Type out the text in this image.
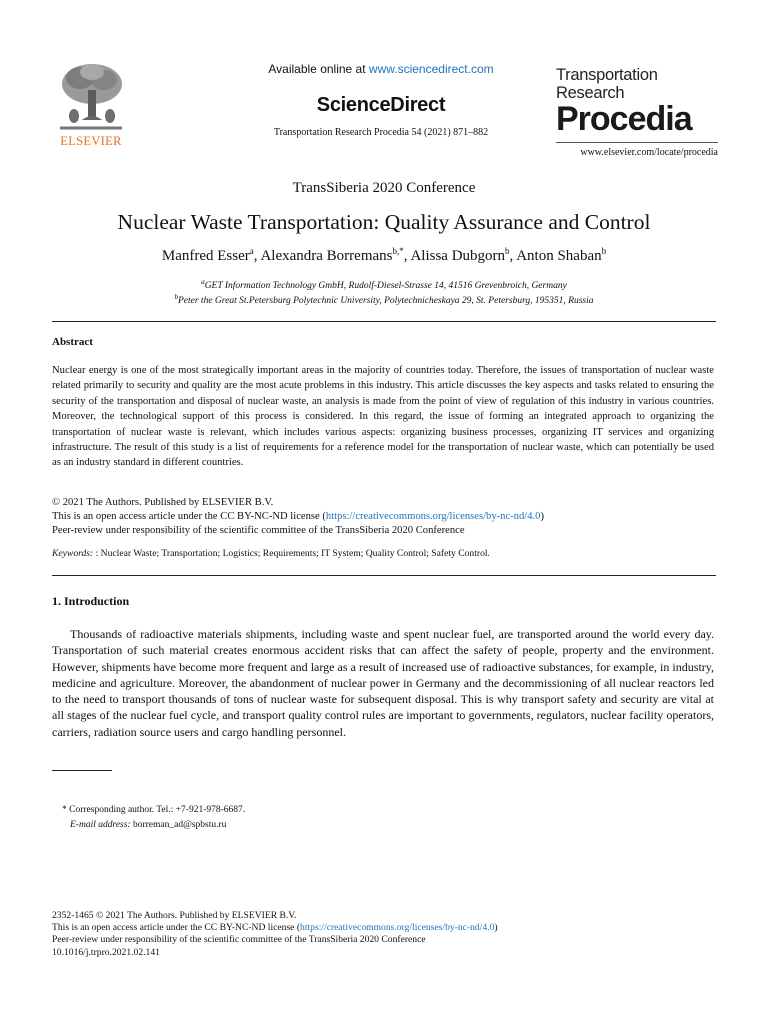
ELSEVIER
Available online at www.sciencedirect.com
ScienceDirect
Transportation Research Procedia 54 (2021) 871–882
Transportation
Research
Procedia
www.elsevier.com/locate/procedia
TransSiberia 2020 Conference
Nuclear Waste Transportation: Quality Assurance and Control
Manfred Esser$^a$, Alexandra Borremans$^{b,*}$, Alissa Dubgorn$^b$, Anton Shaban$^b$
$^a$GET Information Technology GmbH, Rudolf-Diesel-Strasse 14, 41516 Grevenbroich, Germany
$^b$Peter the Great St.Petersburg Polytechnic University, Polytechnicheskaya 29, St. Petersburg, 195351, Russia
Abstract
Nuclear energy is one of the most strategically important areas in the majority of countries today. Therefore, the issues of transportation of nuclear waste related primarily to security and quality are the most acute problems in this industry. This article discusses the key aspects and tasks related to ensuring the security of the transportation and disposal of nuclear waste, an analysis is made from the point of view of regulation of this industry in various countries. Moreover, the technological support of this process is considered. In this regard, the issue of forming an integrated approach to organizing the transportation of nuclear waste is relevant, which includes various aspects: organizing business processes, organizing IT services and organizing infrastructure. The result of this study is a list of requirements for a reference model for the transportation of nuclear waste, which can potentially be used as an industry standard in different countries.
© 2021 The Authors. Published by ELSEVIER B.V.
This is an open access article under the CC BY-NC-ND license (https://creativecommons.org/licenses/by-nc-nd/4.0)
Peer-review under responsibility of the scientific committee of the TransSiberia 2020 Conference
Keywords: : Nuclear Waste; Transportation; Logistics; Requirements; IT System; Quality Control; Safety Control.
1. Introduction
Thousands of radioactive materials shipments, including waste and spent nuclear fuel, are transported around the world every day. Transportation of such material creates enormous accident risks that can affect the safety of people, property and the environment. However, shipments have become more frequent and large as a result of increased use of radioactive substances, for example, in industry, medicine and agriculture. Moreover, the abandonment of nuclear power in Germany and the decommissioning of all nuclear reactors led to the need to transport thousands of tons of nuclear waste for subsequent disposal. This is why transport safety and security are vital at all stages of the nuclear fuel cycle, and transport quality control rules are important to governments, regulators, nuclear facility operators, carriers, radiation source users and cargo handling personnel.
* Corresponding author. Tel.: +7-921-978-6687.
E-mail address: borreman_ad@spbstu.ru
2352-1465 © 2021 The Authors. Published by ELSEVIER B.V.
This is an open access article under the CC BY-NC-ND license (https://creativecommons.org/licenses/by-nc-nd/4.0)
Peer-review under responsibility of the scientific committee of the TransSiberia 2020 Conference
10.1016/j.trpro.2021.02.141
